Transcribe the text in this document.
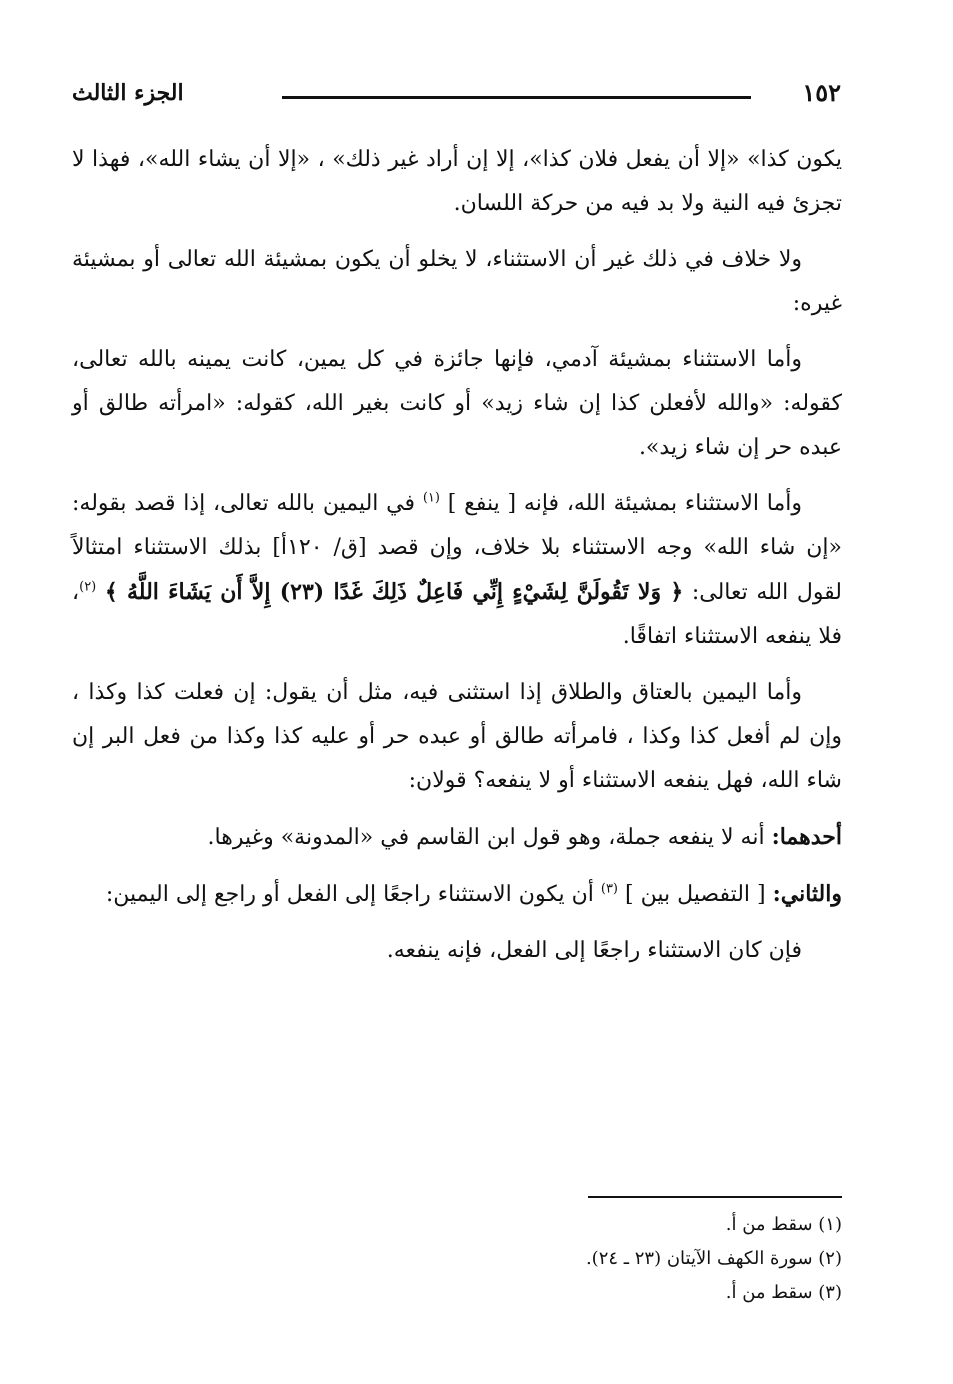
الجزء الثالث	١٥٢

يكون كذا» «إلا أن يفعل فلان كذا»، إلا إن أراد غير ذلك» ، «إلا أن يشاء الله»، فهذا لا تجزئ فيه النية ولا بد فيه من حركة اللسان.

ولا خلاف في ذلك غير أن الاستثناء، لا يخلو أن يكون بمشيئة الله تعالى أو بمشيئة غيره:

وأما الاستثناء بمشيئة آدمي، فإنها جائزة في كل يمين، كانت يمينه بالله تعالى، كقوله: «والله لأفعلن كذا إن شاء زيد» أو كانت بغير الله، كقوله: «امرأته طالق أو عبده حر إن شاء زيد».

وأما الاستثناء بمشيئة الله، فإنه [ ينفع ] $^{(١)}$ في اليمين بالله تعالى، إذا قصد بقوله: «إن شاء الله» وجه الاستثناء بلا خلاف، وإن قصد [ق/ ١٢٠أ] بذلك الاستثناء امتثالاً لقول الله تعالى: ﴿ وَلا تَقُولَنَّ لِشَيْءٍ إِنِّي فَاعِلٌ ذَلِكَ غَدًا (٢٣) إِلاَّ أَن يَشَاءَ اللَّهُ ﴾ $^{(٢)}$، فلا ينفعه الاستثناء اتفاقًا.

وأما اليمين بالعتاق والطلاق إذا استثنى فيه، مثل أن يقول: إن فعلت كذا وكذا ، وإن لم أفعل كذا وكذا ، فامرأته طالق أو عبده حر أو عليه كذا وكذا من فعل البر إن شاء الله، فهل ينفعه الاستثناء أو لا ينفعه؟ قولان:

أحدهما: أنه لا ينفعه جملة، وهو قول ابن القاسم في «المدونة» وغيرها.

والثاني: [ التفصيل بين ] $^{(٣)}$ أن يكون الاستثناء راجعًا إلى الفعل أو راجع إلى اليمين:

فإن كان الاستثناء راجعًا إلى الفعل، فإنه ينفعه.

(١) سقط من أ.

(٢) سورة الكهف الآيتان (٢٣ ـ ٢٤).

(٣) سقط من أ.
